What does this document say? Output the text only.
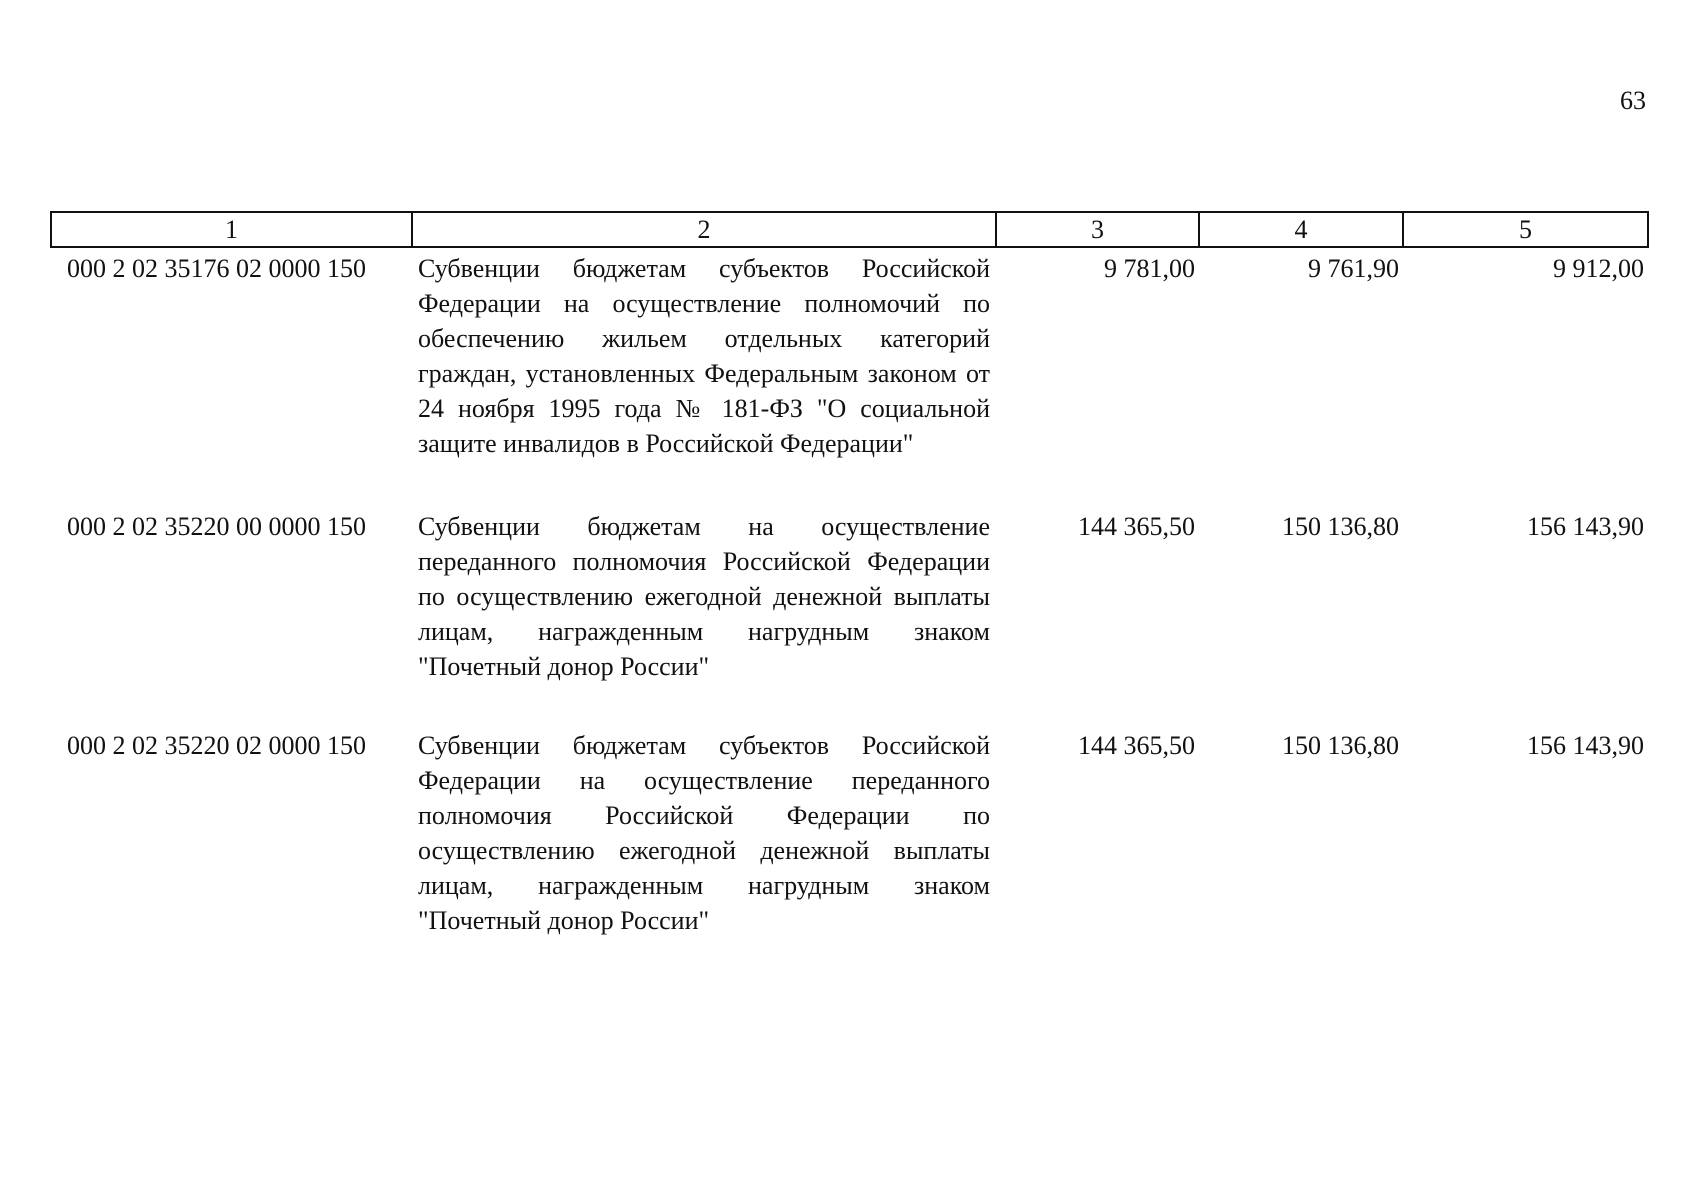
63
1	2	3	4	5
000 2 02 35176 02 0000 150	Субвенции бюджетам субъектов Российской Федерации на осуществление полномочий по обеспечению жильем отдельных категорий граждан, установленных Федеральным законом от 24 ноября 1995 года № 181-ФЗ "О социальной защите инвалидов в Российской Федерации"	9 781,00	9 761,90	9 912,00
000 2 02 35220 00 0000 150	Субвенции бюджетам на осуществление переданного полномочия Российской Федерации по осуществлению ежегодной денежной выплаты лицам, награжденным нагрудным знаком "Почетный донор России"	144 365,50	150 136,80	156 143,90
000 2 02 35220 02 0000 150	Субвенции бюджетам субъектов Российской Федерации на осуществление переданного полномочия Российской Федерации по осуществлению ежегодной денежной выплаты лицам, награжденным нагрудным знаком "Почетный донор России"	144 365,50	150 136,80	156 143,90
